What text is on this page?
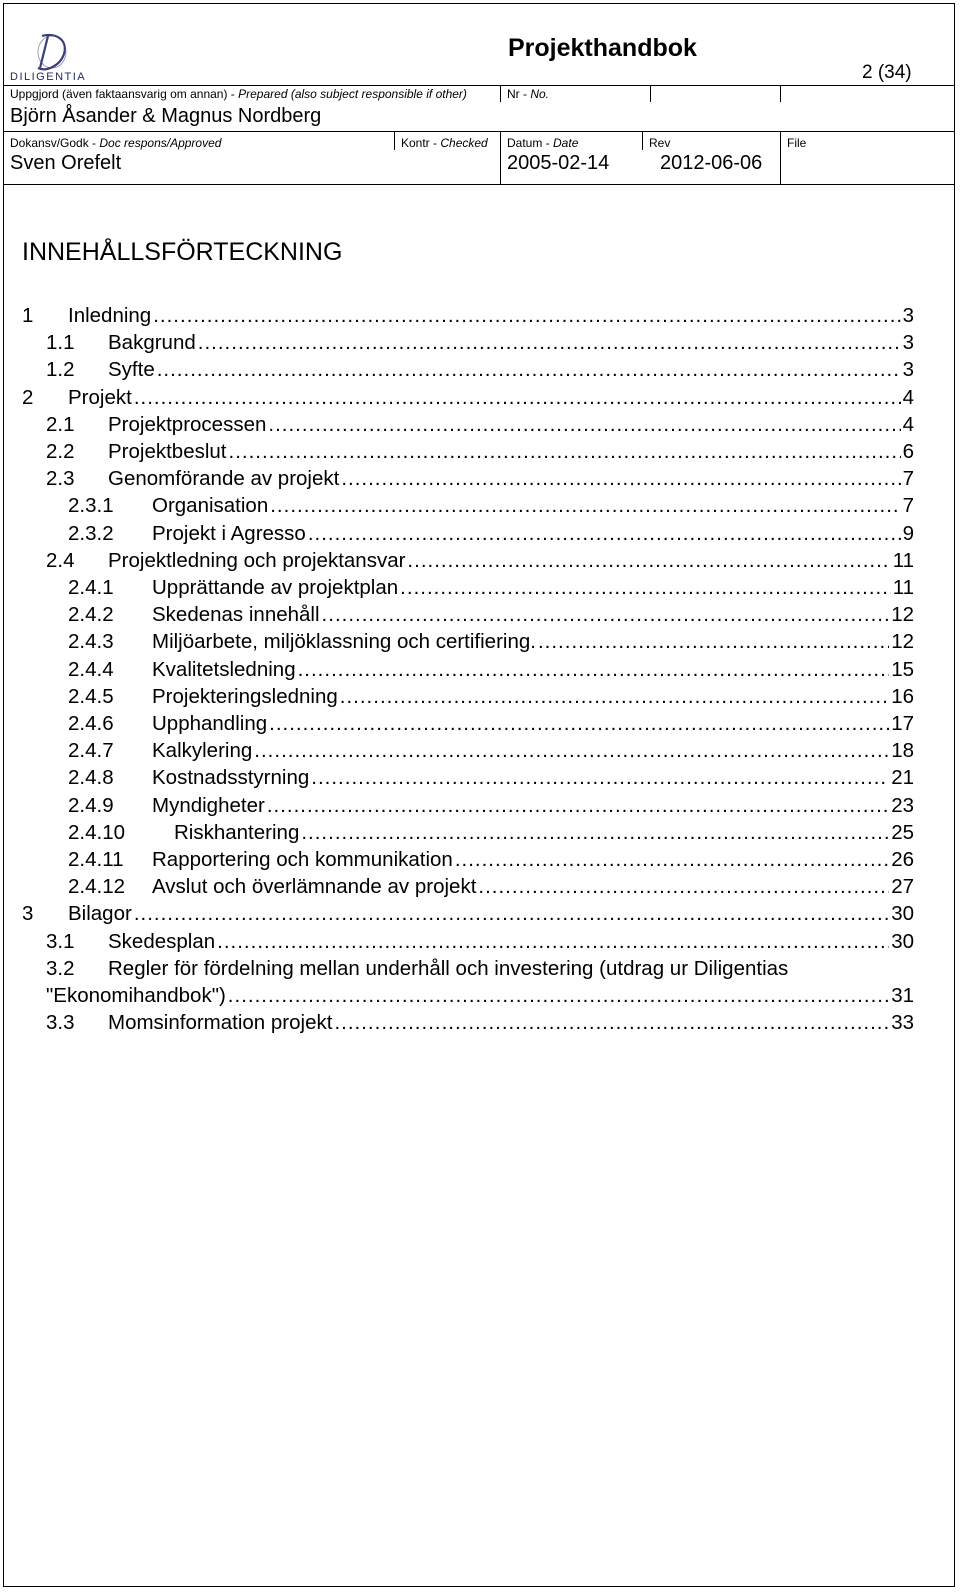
DILIGENTIA
Projekthandbok
2 (34)
Uppgjord (även faktaansvarig om annan) - Prepared (also subject responsible if other)	Nr - No.
Björn Åsander & Magnus Nordberg
Dokansv/Godk - Doc respons/Approved	Kontr - Checked Datum - Date	Rev	File
Sven Orefelt	2005-02-14	2012-06-06
INNEHÅLLSFÖRTECKNING
1	Inledning .....	3
1.1	Bakgrund .....	3
1.2	Syfte .....	3
2	Projekt .....	4
2.1	Projektprocessen .....	4
2.2	Projektbeslut .....	6
2.3	Genomförande av projekt .....	7
2.3.1	Organisation .....	7
2.3.2	Projekt i Agresso .....	9
2.4	Projektledning och projektansvar .....	11
2.4.1	Upprättande av projektplan .....	11
2.4.2	Skedenas innehåll .....	12
2.4.3	Miljöarbete, miljöklassning och certifiering. .....	12
2.4.4	Kvalitetsledning .....	15
2.4.5	Projekteringsledning .....	16
2.4.6	Upphandling .....	17
2.4.7	Kalkylering .....	18
2.4.8	Kostnadsstyrning .....	21
2.4.9	Myndigheter .....	23
2.4.10	Riskhantering .....	25
2.4.11	Rapportering och kommunikation .....	26
2.4.12	Avslut och överlämnande av projekt .....	27
3	Bilagor .....	30
3.1	Skedesplan .....	30
3.2	Regler för fördelning mellan underhåll och investering (utdrag ur Diligentias
"Ekonomihandbok") .....	31
3.3	Momsinformation projekt .....	33
